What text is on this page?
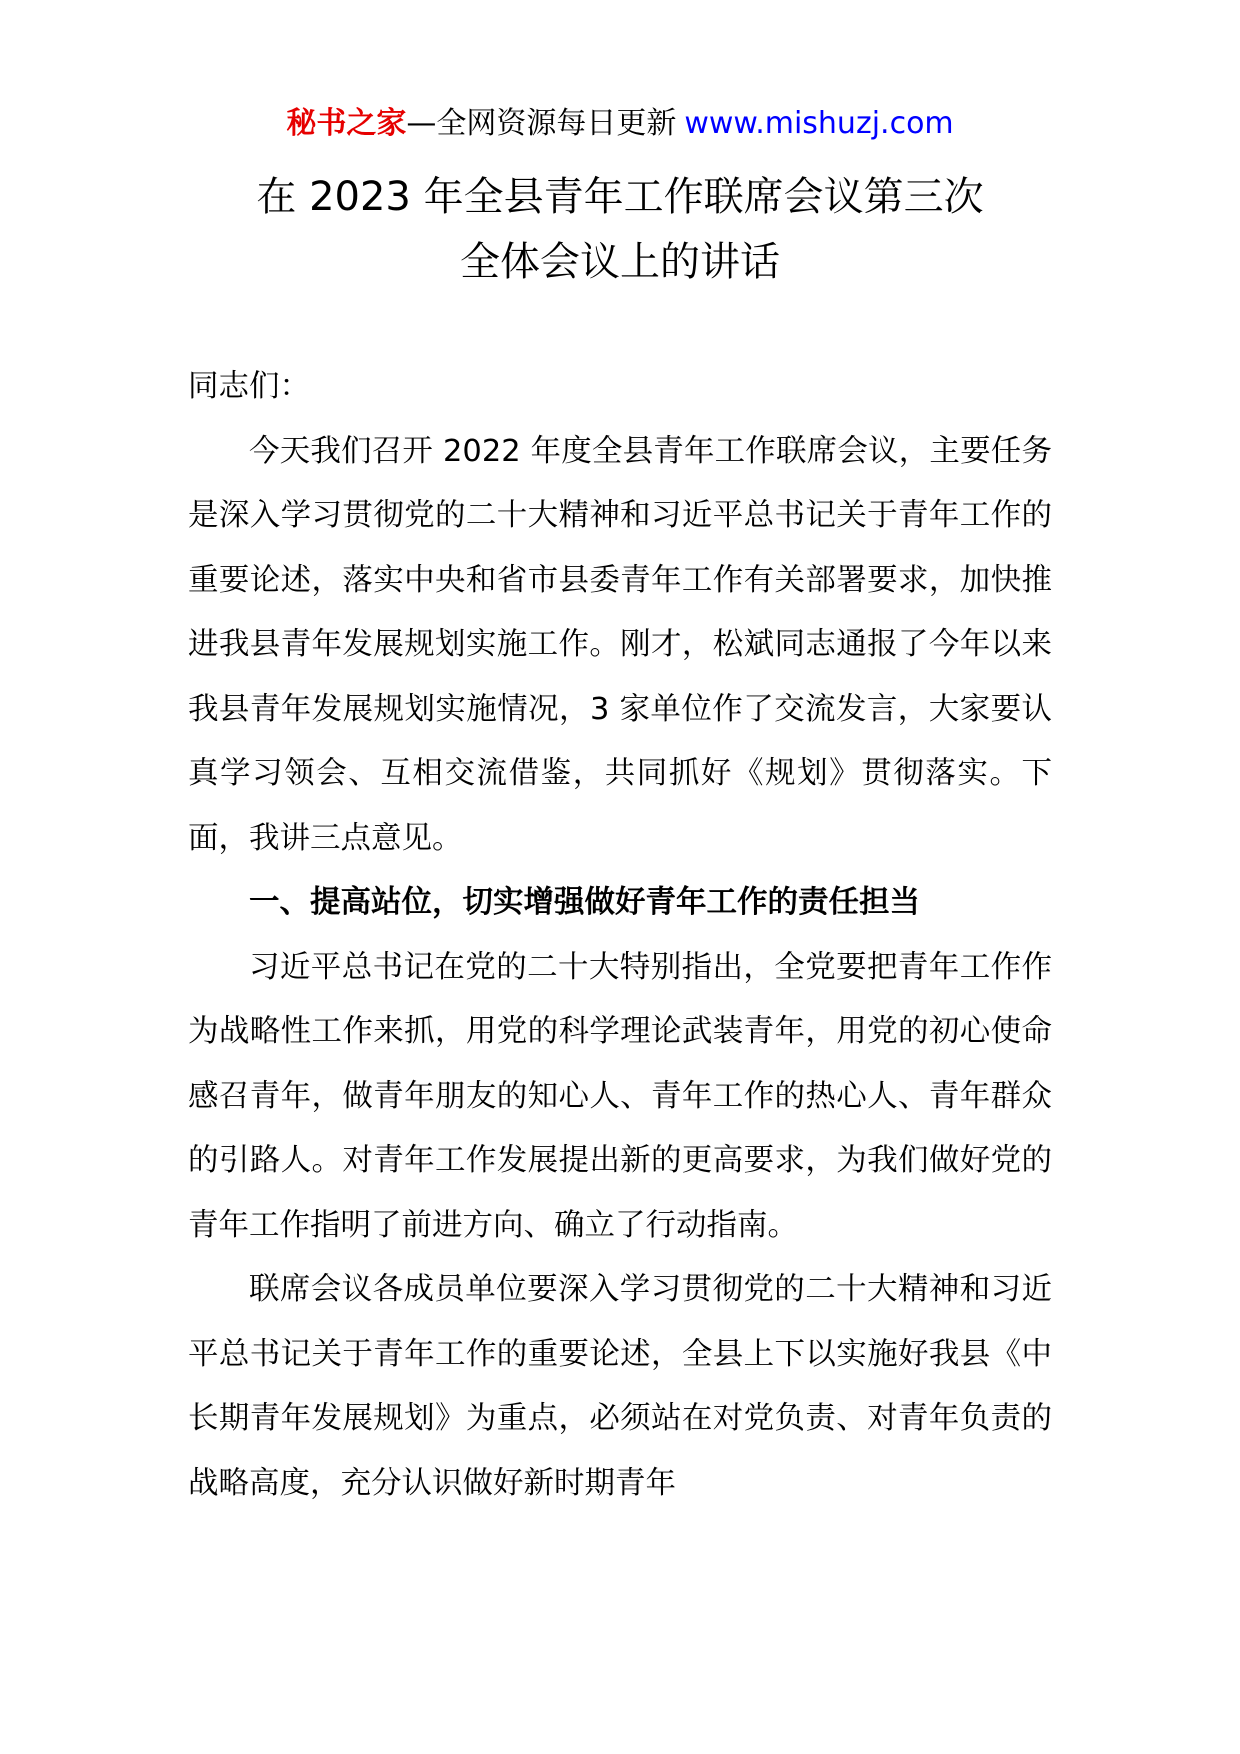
秘书之家—全网资源每日更新 www.mishuzj.com
在 2023 年全县青年工作联席会议第三次
全体会议上的讲话

同志们：

今天我们召开 2022 年度全县青年工作联席会议，主要任务是深入学习贯彻党的二十大精神和习近平总书记关于青年工作的重要论述，落实中央和省市县委青年工作有关部署要求，加快推进我县青年发展规划实施工作。刚才，松斌同志通报了今年以来我县青年发展规划实施情况，3 家单位作了交流发言，大家要认真学习领会、互相交流借鉴，共同抓好《规划》贯彻落实。下面，我讲三点意见。

一、提高站位，切实增强做好青年工作的责任担当

习近平总书记在党的二十大特别指出，全党要把青年工作作为战略性工作来抓，用党的科学理论武装青年，用党的初心使命感召青年，做青年朋友的知心人、青年工作的热心人、青年群众的引路人。对青年工作发展提出新的更高要求，为我们做好党的青年工作指明了前进方向、确立了行动指南。

联席会议各成员单位要深入学习贯彻党的二十大精神和习近平总书记关于青年工作的重要论述，全县上下以实施好我县《中长期青年发展规划》为重点，必须站在对党负责、对青年负责的战略高度，充分认识做好新时期青年
